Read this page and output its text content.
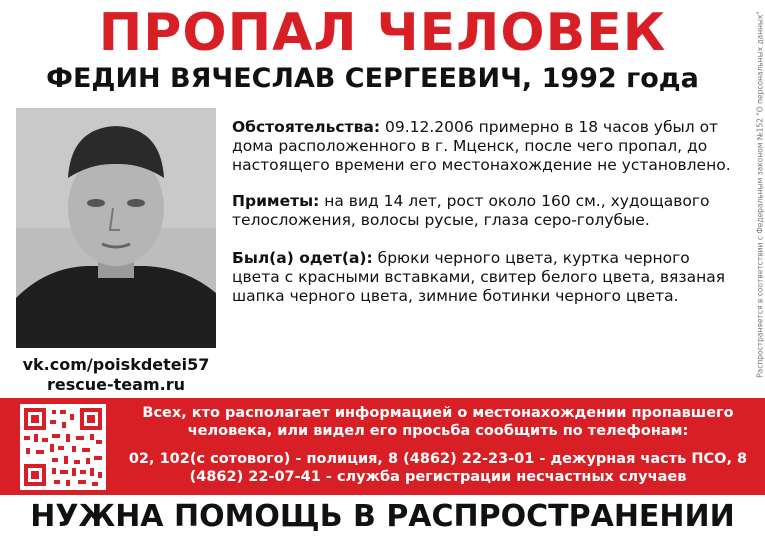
ПРОПАЛ ЧЕЛОВЕК
ФЕДИН ВЯЧЕСЛАВ СЕРГЕЕВИЧ, 1992 года
vk.com/poiskdetei57
rescue-team.ru
Обстоятельства: 09.12.2006 примерно в 18 часов убыл от дома расположенного в г. Мценск, после чего пропал, до настоящего времени его местонахождение не установлено.
Приметы: на вид 14 лет, рост около 160 см., худощавого телосложения, волосы русые, глаза серо-голубые.
Был(а) одет(а): брюки черного цвета, куртка черного цвета с красными вставками, свитер белого цвета, вязаная шапка черного цвета, зимние ботинки черного цвета.	Распространяется в соответствии с Федеральным законом №152 "О персональных данных"
Всех, кто располагает информацией о местонахождении пропавшего человека, или видел его просьба сообщить по телефонам:
02, 102(с сотового) - полиция, 8 (4862) 22-23-01 - дежурная часть ПСО, 8 (4862) 22-07-41 - служба регистрации несчастных случаев
НУЖНА ПОМОЩЬ В РАСПРОСТРАНЕНИИ
